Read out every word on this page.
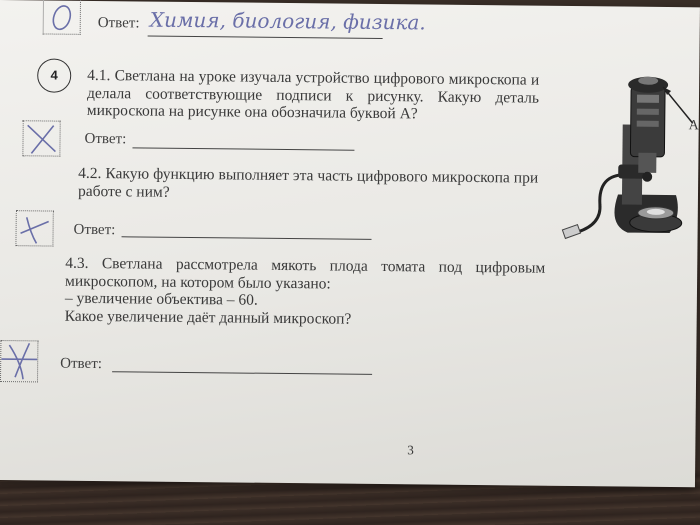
Ответ: Химия, биология, физика.
4	4.1. Светлана на уроке изучала устройство цифрового микроскопа и делала соответствующие подписи к рисунку. Какую деталь микроскопа на рисунке она обозначила буквой А?

Ответ:

4.2. Какую функцию выполняет эта часть цифрового микроскопа при работе с ним?

Ответ:

4.3. Светлана рассмотрела мякоть плода томата под цифровым микроскопом, на котором было указано:

– увеличение объектива – 60.

Какое увеличение даёт данный микроскоп?

Ответ:
3
А
